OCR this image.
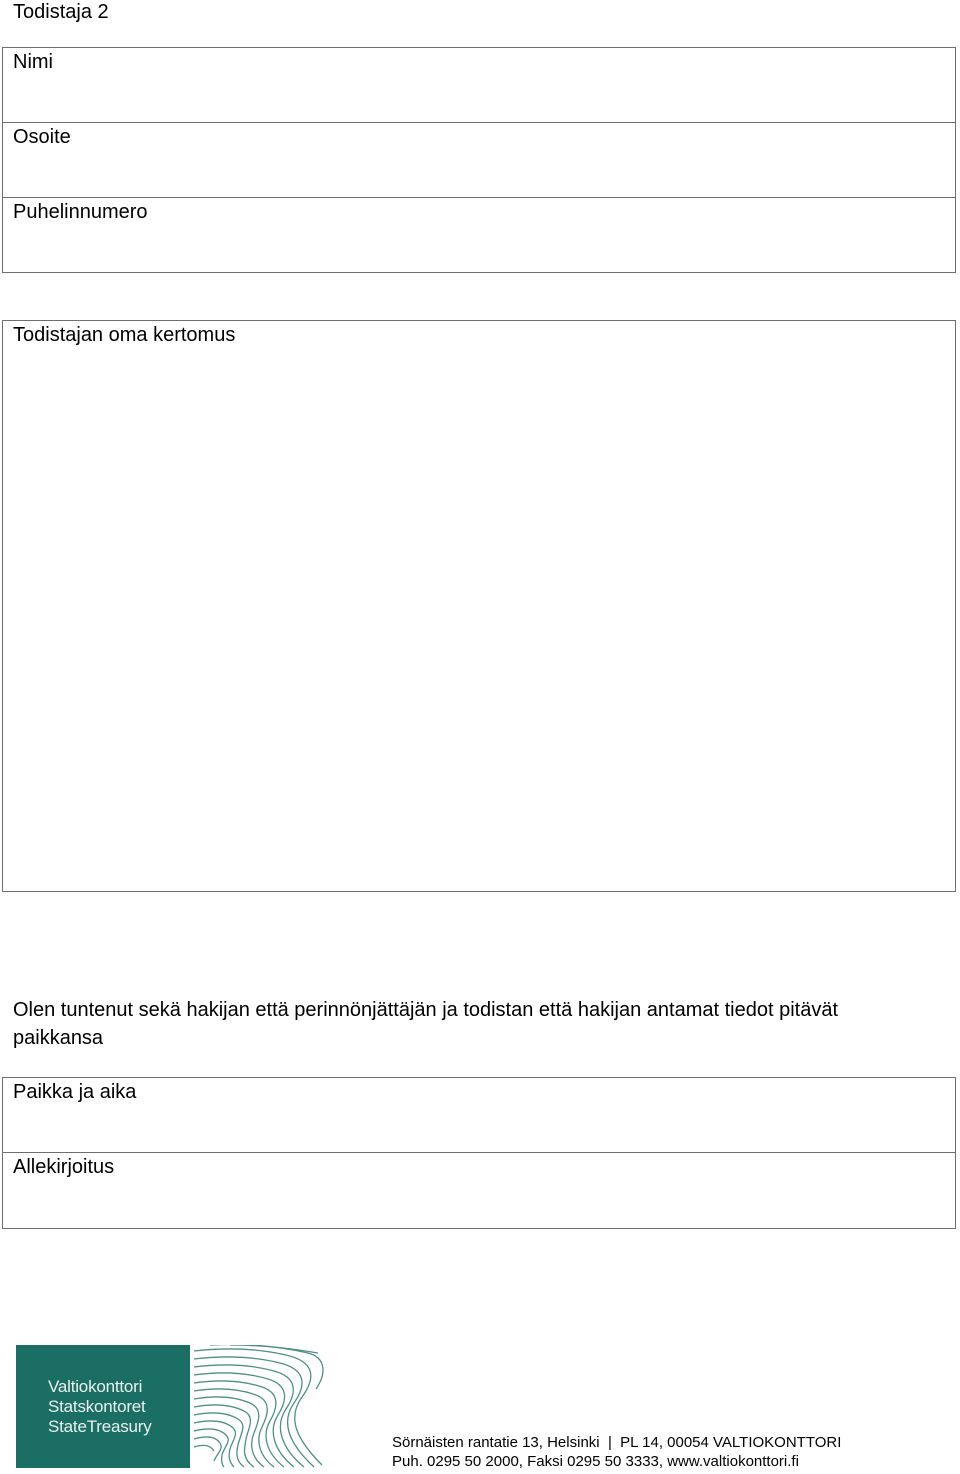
Todistaja 2
Nimi
Osoite
Puhelinnumero
Todistajan oma kertomus
Olen tuntenut sekä hakijan että perinnönjättäjän ja todistan että hakijan antamat tiedot pitävät paikkansa
Paikka ja aika
Allekirjoitus
Valtiokonttori
Statskontoret
StateTreasury
Sörnäisten rantatie 13, Helsinki  |  PL 14, 00054 VALTIOKONTTORI
Puh. 0295 50 2000, Faksi 0295 50 3333, www.valtiokonttori.fi
